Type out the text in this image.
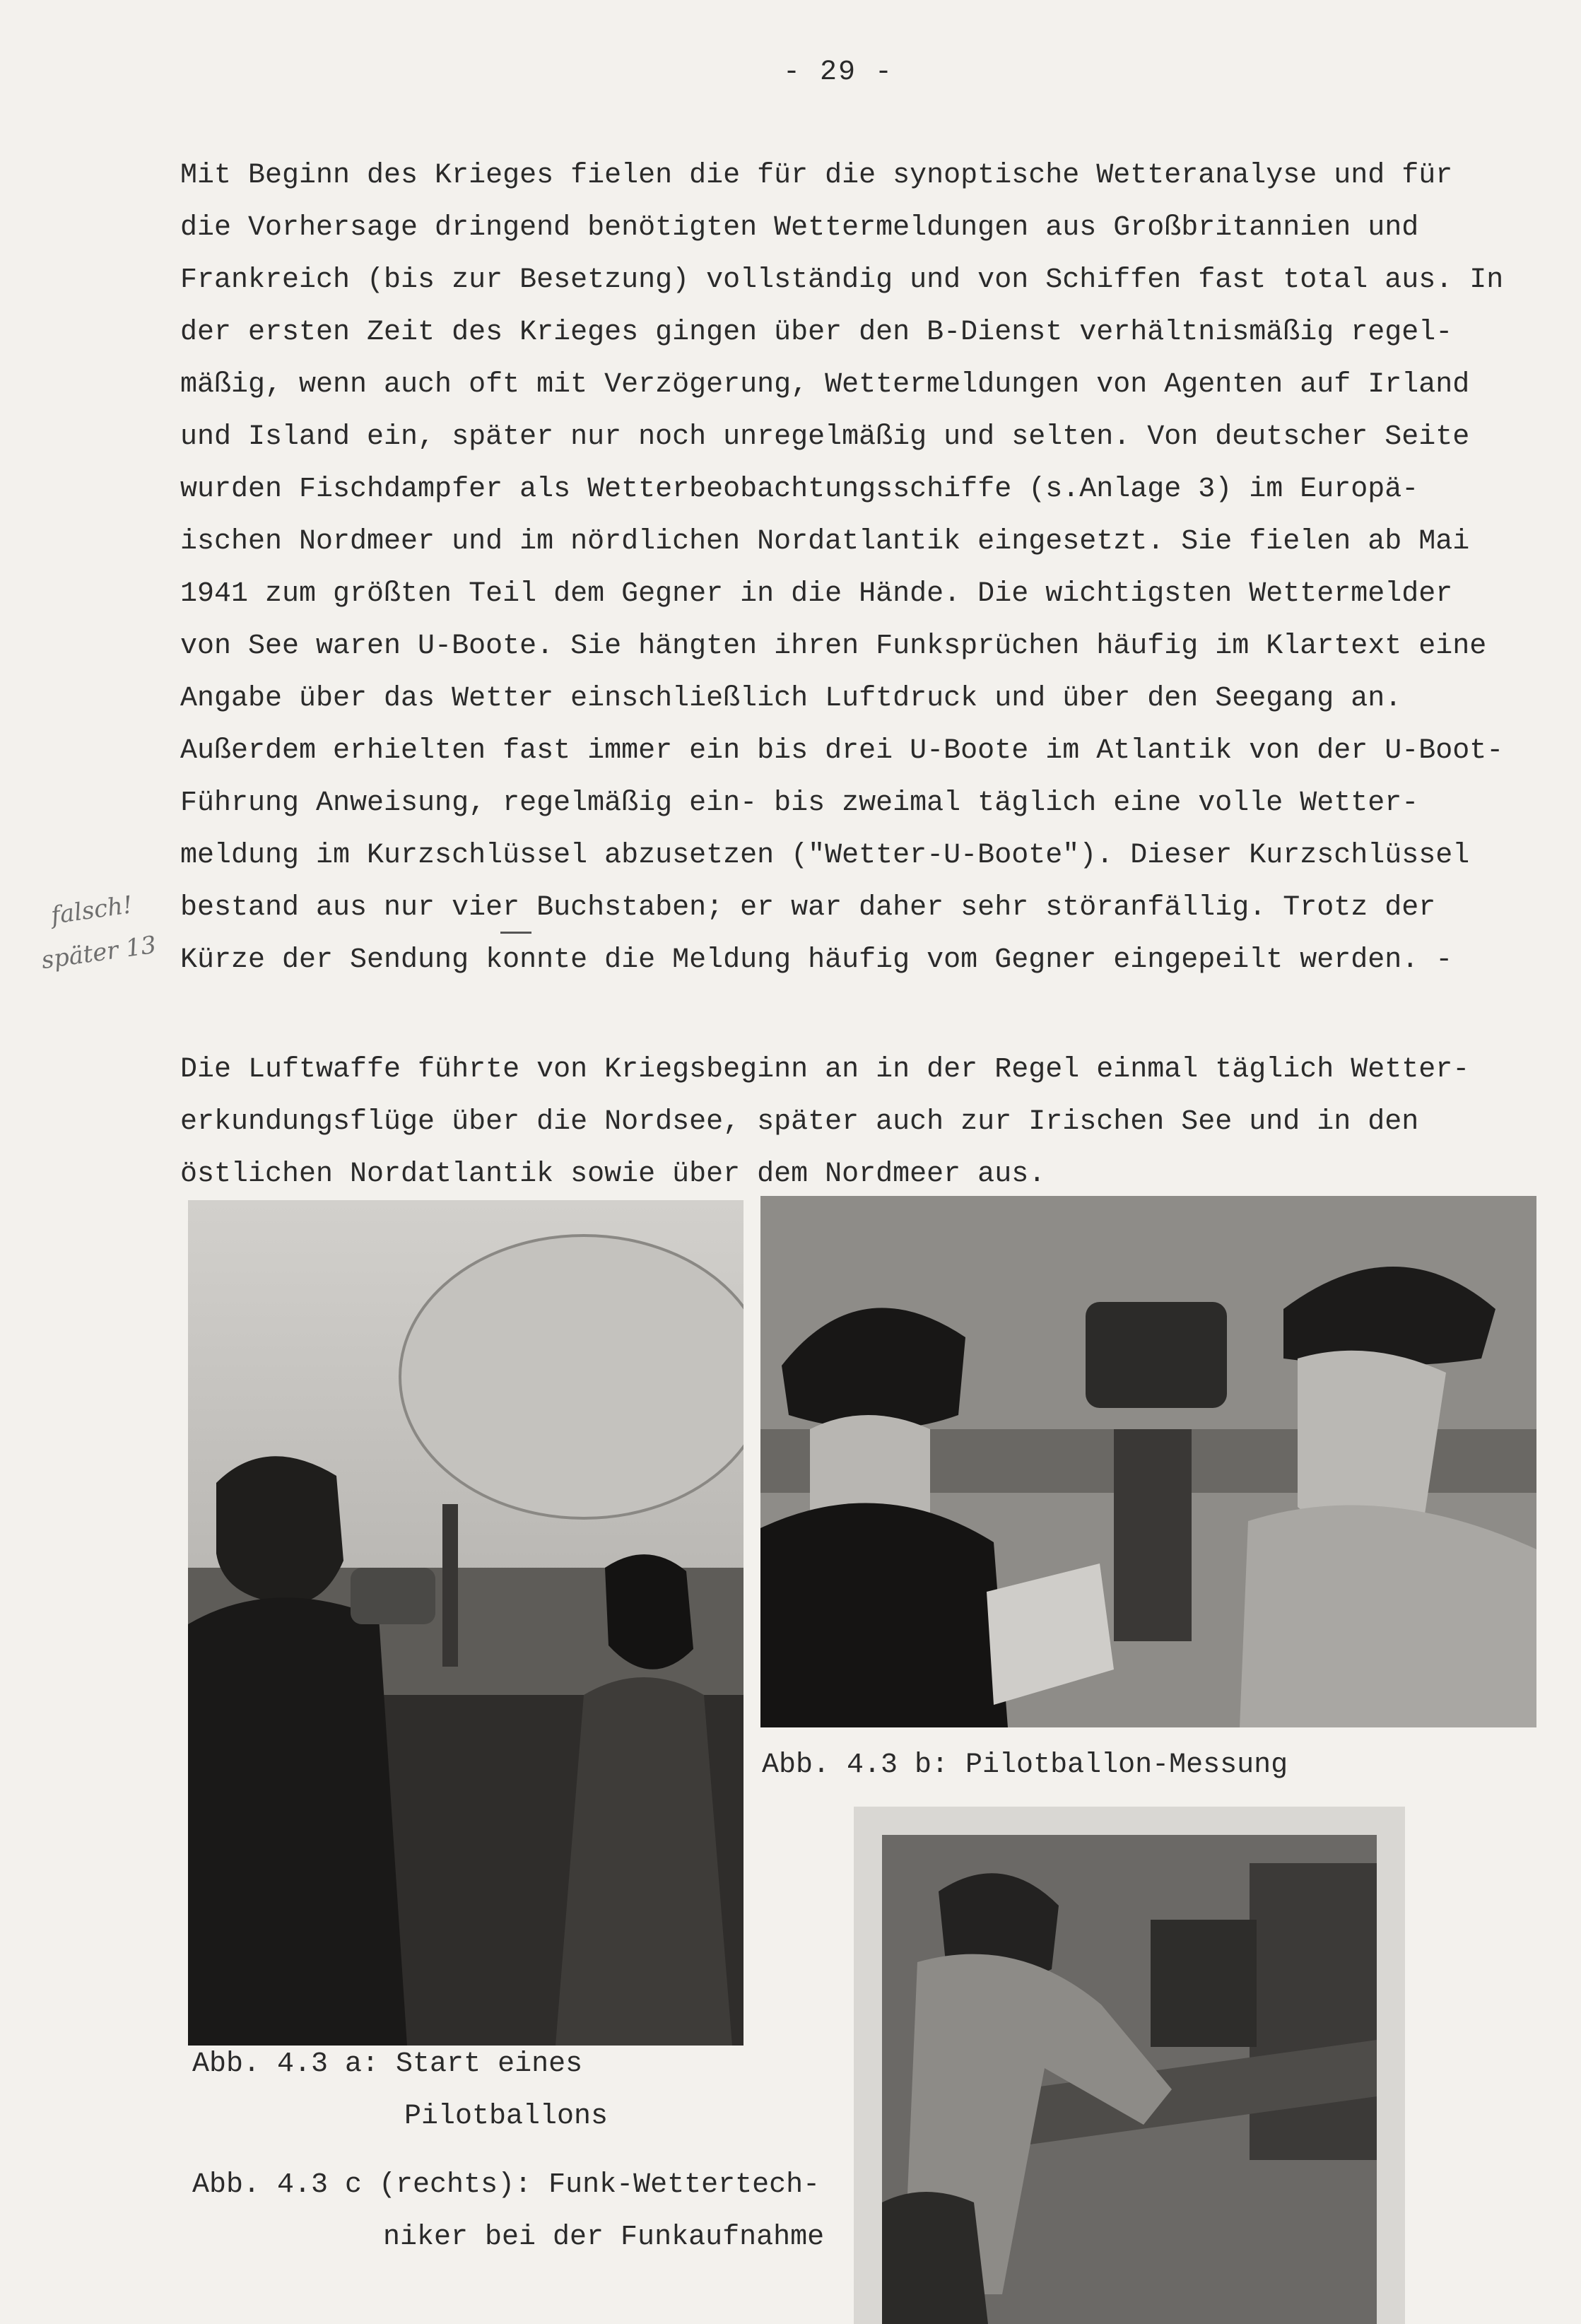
- 29 -

Mit Beginn des Krieges fielen die für die synoptische Wetteranalyse und für

die Vorhersage dringend benötigten Wettermeldungen aus Großbritannien und

Frankreich (bis zur Besetzung) vollständig und von Schiffen fast total aus. In

der ersten Zeit des Krieges gingen über den B-Dienst verhältnismäßig regel-

mäßig, wenn auch oft mit Verzögerung, Wettermeldungen von Agenten auf Irland

und Island ein, später nur noch unregelmäßig und selten. Von deutscher Seite

wurden Fischdampfer als Wetterbeobachtungsschiffe (s.Anlage 3) im Europä-

ischen Nordmeer und im nördlichen Nordatlantik eingesetzt. Sie fielen ab Mai

1941 zum größten Teil dem Gegner in die Hände. Die wichtigsten Wettermelder

von See waren U-Boote. Sie hängten ihren Funksprüchen häufig im Klartext eine

Angabe über das Wetter einschließlich Luftdruck und über den Seegang an.

Außerdem erhielten fast immer ein bis drei U-Boote im Atlantik von der U-Boot-

Führung Anweisung, regelmäßig ein- bis zweimal täglich eine volle Wetter-

meldung im Kurzschlüssel abzusetzen ("Wetter-U-Boote"). Dieser Kurzschlüssel

bestand aus nur vier Buchstaben; er war daher sehr störanfällig. Trotz der

Kürze der Sendung konnte die Meldung häufig vom Gegner eingepeilt werden. -

Die Luftwaffe führte von Kriegsbeginn an in der Regel einmal täglich Wetter-

erkundungsflüge über die Nordsee, später auch zur Irischen See und in den

östlichen Nordatlantik sowie über dem Nordmeer aus.

falsch!
später 13
Abb. 4.3 a: Start eines
Pilotballons
Abb. 4.3 b: Pilotballon-Messung
Abb. 4.3 c (rechts): Funk-Wettertech-
niker bei der Funkaufnahme
